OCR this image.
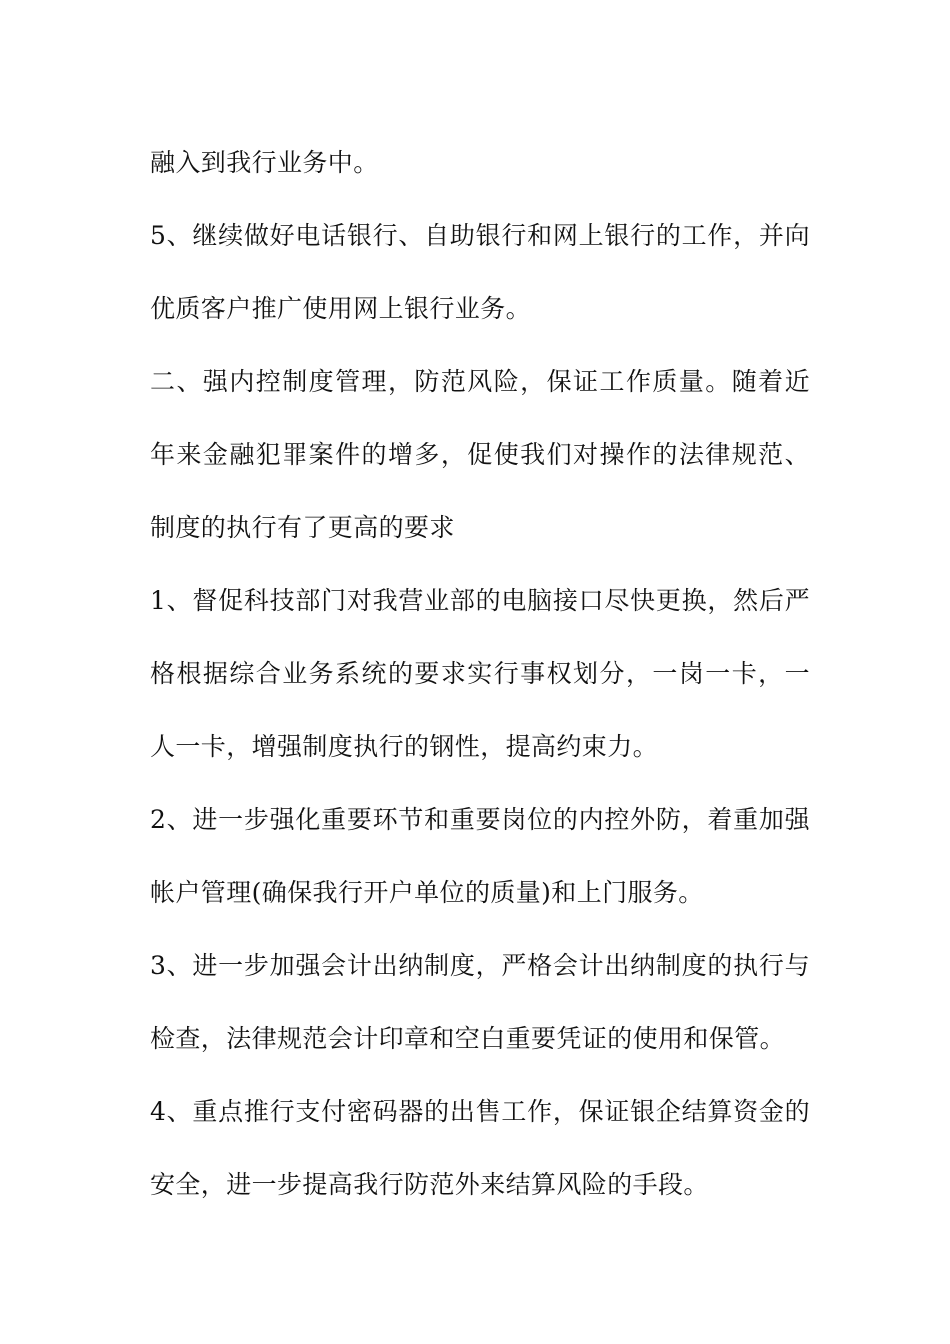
融入到我行业务中。

5、继续做好电话银行、自助银行和网上银行的工作，并向优质客户推广使用网上银行业务。

二、强内控制度管理，防范风险，保证工作质量。随着近年来金融犯罪案件的增多，促使我们对操作的法律规范、制度的执行有了更高的要求

1、督促科技部门对我营业部的电脑接口尽快更换，然后严格根据综合业务系统的要求实行事权划分，一岗一卡，一人一卡，增强制度执行的钢性，提高约束力。

2、进一步强化重要环节和重要岗位的内控外防，着重加强帐户管理(确保我行开户单位的质量)和上门服务。

3、进一步加强会计出纳制度，严格会计出纳制度的执行与检查，法律规范会计印章和空白重要凭证的使用和保管。

4、重点推行支付密码器的出售工作，保证银企结算资金的安全，进一步提高我行防范外来结算风险的手段。
